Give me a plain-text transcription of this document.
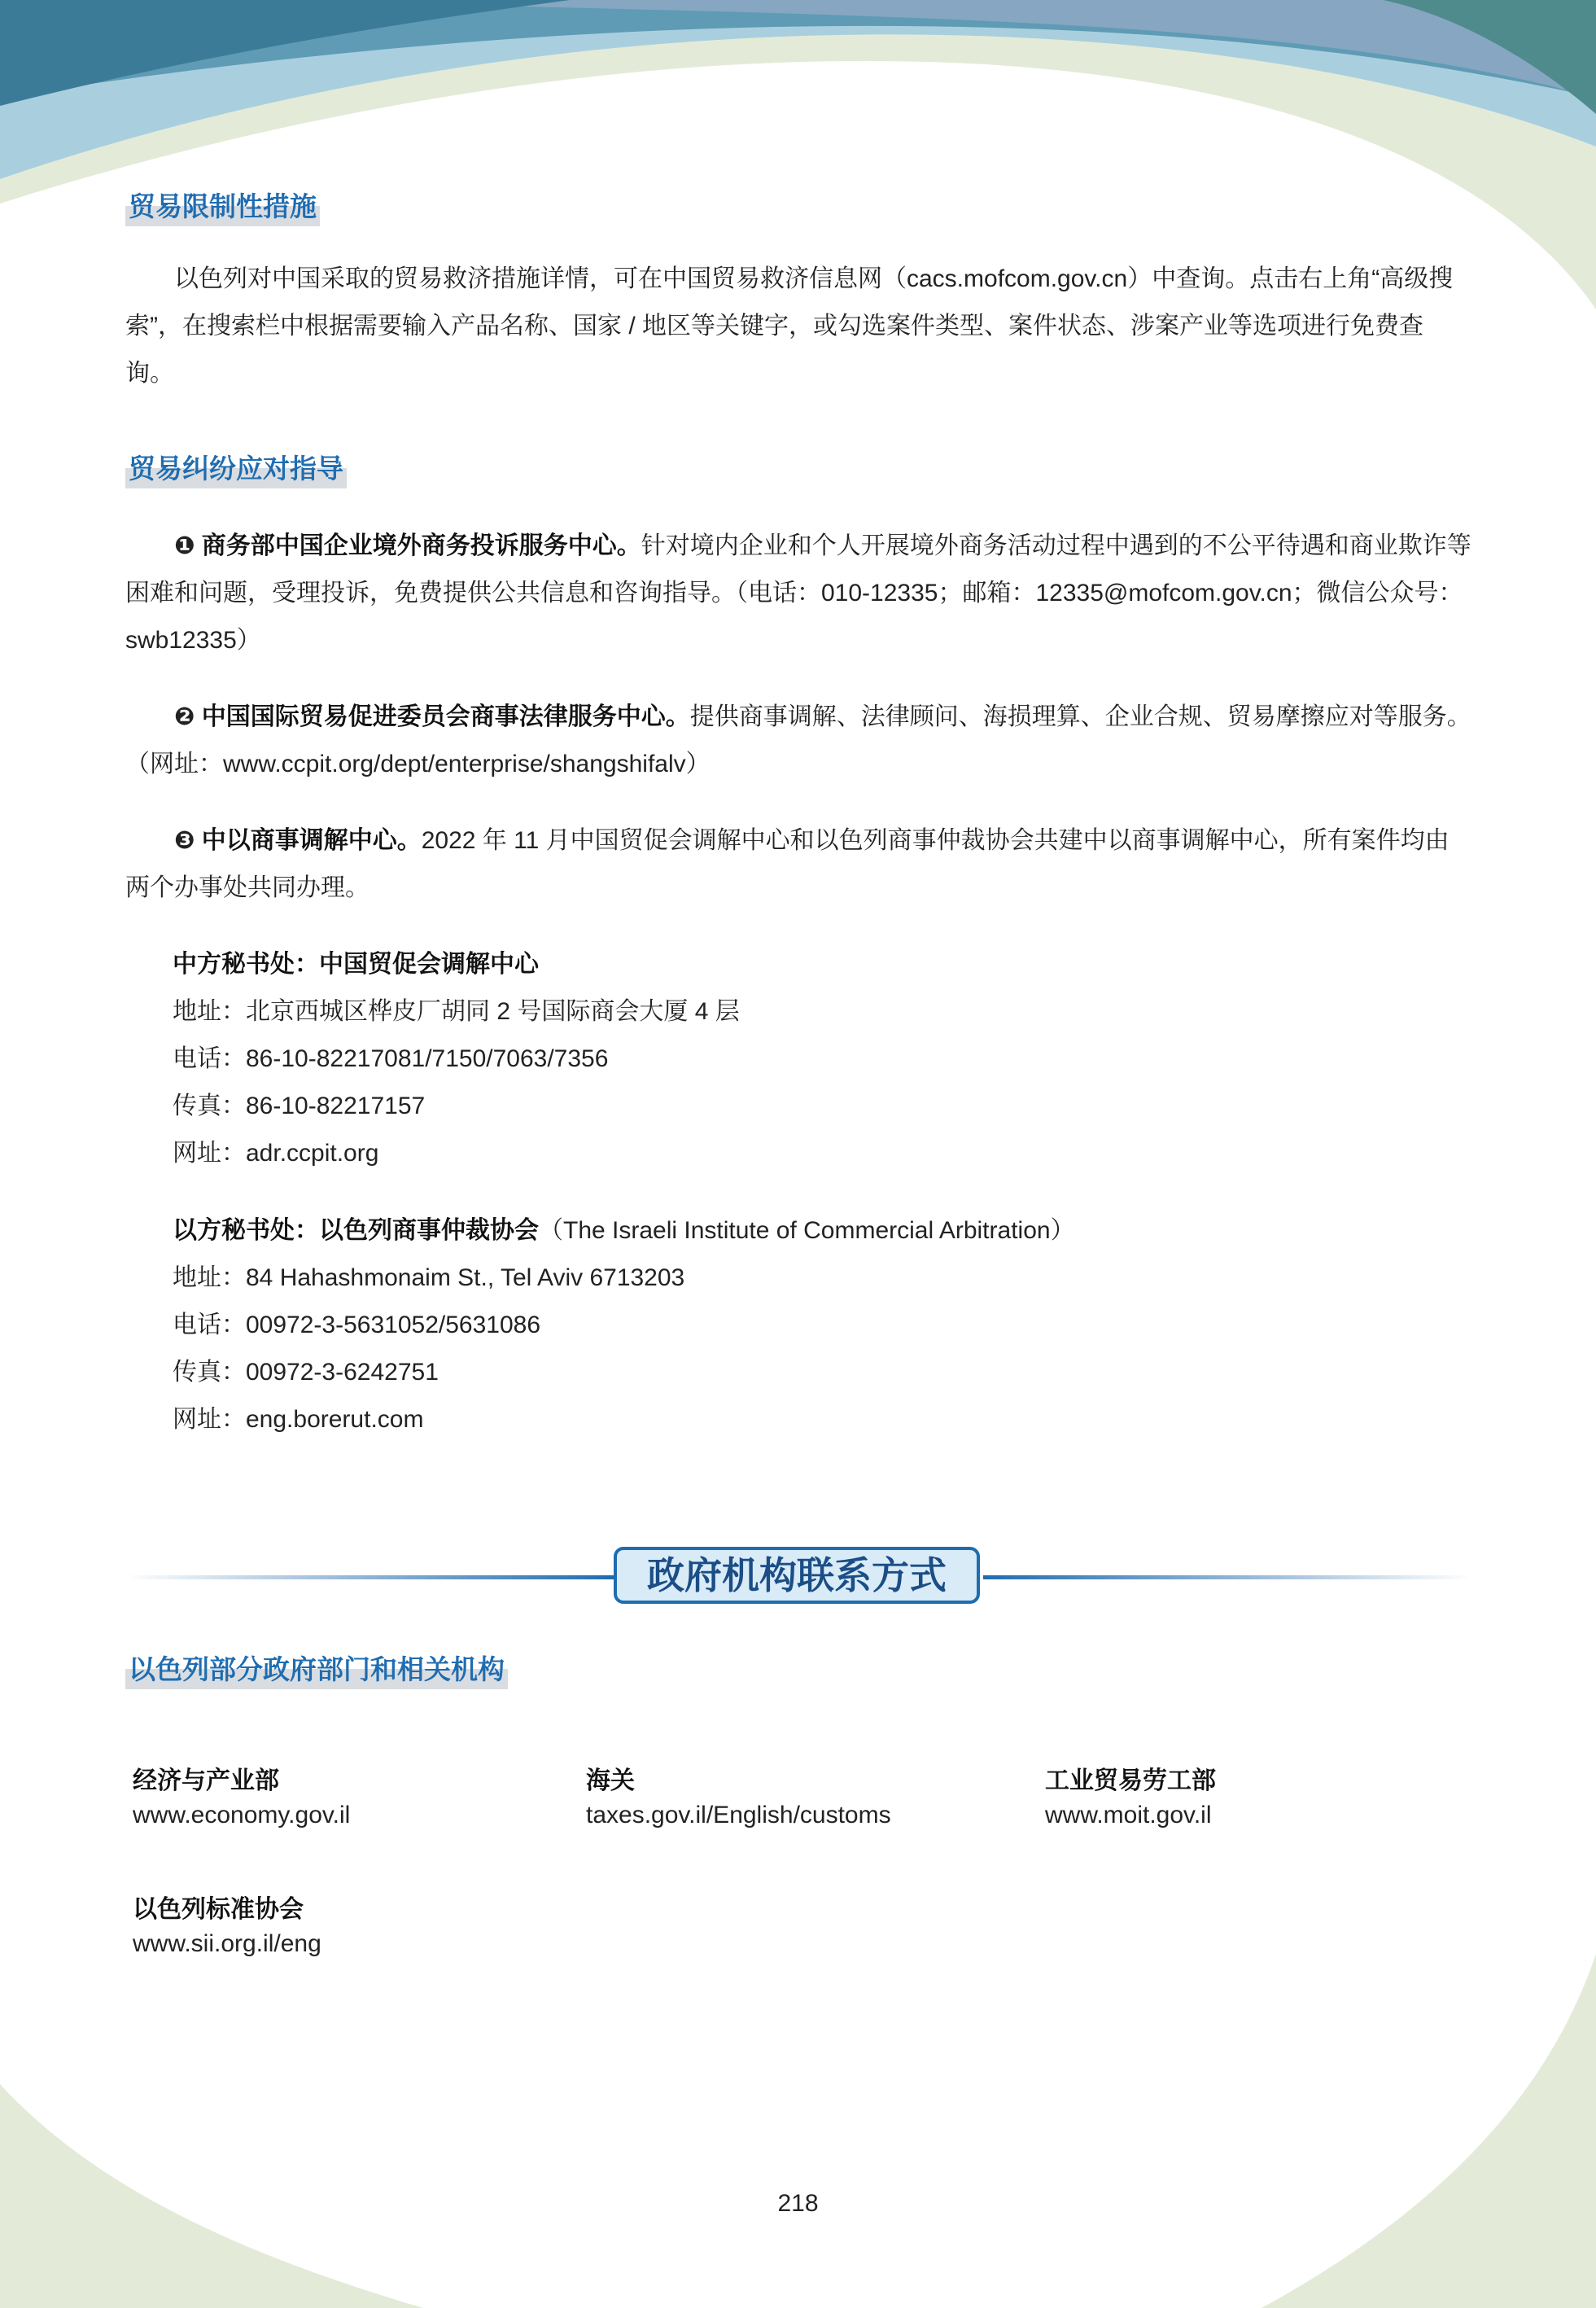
贸易限制性措施

以色列对中国采取的贸易救济措施详情，可在中国贸易救济信息网（cacs.mofcom.gov.cn）中查询。点击右上角“高级搜索”，在搜索栏中根据需要输入产品名称、国家 / 地区等关键字，或勾选案件类型、案件状态、涉案产业等选项进行免费查询。

贸易纠纷应对指导

❶ 商务部中国企业境外商务投诉服务中心。针对境内企业和个人开展境外商务活动过程中遇到的不公平待遇和商业欺诈等困难和问题，受理投诉，免费提供公共信息和咨询指导。（电话：010-12335；邮箱：12335@mofcom.gov.cn；微信公众号：swb12335）

❷ 中国国际贸易促进委员会商事法律服务中心。提供商事调解、法律顾问、海损理算、企业合规、贸易摩擦应对等服务。（网址：www.ccpit.org/dept/enterprise/shangshifalv）

❸ 中以商事调解中心。2022 年 11 月中国贸促会调解中心和以色列商事仲裁协会共建中以商事调解中心，所有案件均由两个办事处共同办理。

中方秘书处：中国贸促会调解中心
地址：北京西城区桦皮厂胡同 2 号国际商会大厦 4 层
电话：86-10-82217081/7150/7063/7356
传真：86-10-82217157
网址：adr.ccpit.org
以方秘书处：以色列商事仲裁协会（The Israeli Institute of Commercial Arbitration）
地址：84 Hahashmonaim St., Tel Aviv 6713203
电话：00972-3-5631052/5631086
传真：00972-3-6242751
网址：eng.borerut.com
政府机构联系方式
以色列部分政府部门和相关机构
经济与产业部
www.economy.gov.il
海关
taxes.gov.il/English/customs
工业贸易劳工部
www.moit.gov.il
以色列标准协会
www.sii.org.il/eng
218
